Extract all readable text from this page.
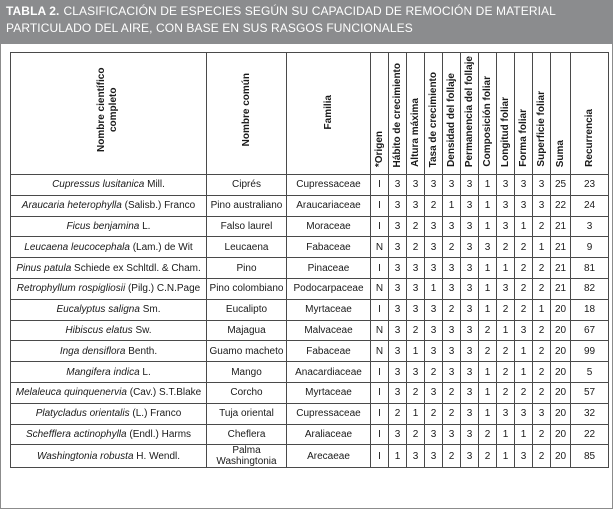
TABLA 2. CLASIFICACIÓN DE ESPECIES SEGÚN SU CAPACIDAD DE REMOCIÓN DE MATERIAL PARTICULADO DEL AIRE, CON BASE EN SUS RASGOS FUNCIONALES
Nombre científico completo	Nombre común	Familia	*Origen	Hábito de crecimiento	Altura máxima	Tasa de crecimiento	Densidad del follaje	Permanencia del follaje	Composición foliar	Longitud foliar	Forma foliar	Superficie foliar	Suma	Recurrencia
Cupressus lusitanica Mill.	Ciprés	Cupressaceae	I	3	3	3	3	3	1	3	3	3	25	23
Araucaria heterophylla (Salisb.) Franco	Pino australiano	Araucariaceae	I	3	3	2	1	3	1	3	3	3	22	24
Ficus benjamina L.	Falso laurel	Moraceae	I	3	2	3	3	3	1	3	1	2	21	3
Leucaena leucocephala (Lam.) de Wit	Leucaena	Fabaceae	N	3	2	3	2	3	3	2	2	1	21	9
Pinus patula Schiede ex Schltdl. & Cham.	Pino	Pinaceae	I	3	3	3	3	3	1	1	2	2	21	81
Retrophyllum rospigliosii (Pilg.) C.N.Page	Pino colombiano	Podocarpaceae	N	3	3	1	3	3	1	3	2	2	21	82
Eucalyptus saligna Sm.	Eucalipto	Myrtaceae	I	3	3	3	2	3	1	2	2	1	20	18
Hibiscus elatus Sw.	Majagua	Malvaceae	N	3	2	3	3	3	2	1	3	2	20	67
Inga densiflora Benth.	Guamo macheto	Fabaceae	N	3	1	3	3	3	2	2	1	2	20	99
Mangifera indica L.	Mango	Anacardiaceae	I	3	3	2	3	3	1	2	1	2	20	5
Melaleuca quinquenervia (Cav.) S.T.Blake	Corcho	Myrtaceae	I	3	2	3	2	3	1	2	2	2	20	57
Platycladus orientalis (L.) Franco	Tuja oriental	Cupressaceae	I	2	1	2	2	3	1	3	3	3	20	32
Schefflera actinophylla (Endl.) Harms	Cheflera	Araliaceae	I	3	2	3	3	3	2	1	1	2	20	22
Washingtonia robusta H. Wendl.	Palma Washingtonia	Arecaeae	I	1	3	3	2	3	2	1	3	2	20	85
